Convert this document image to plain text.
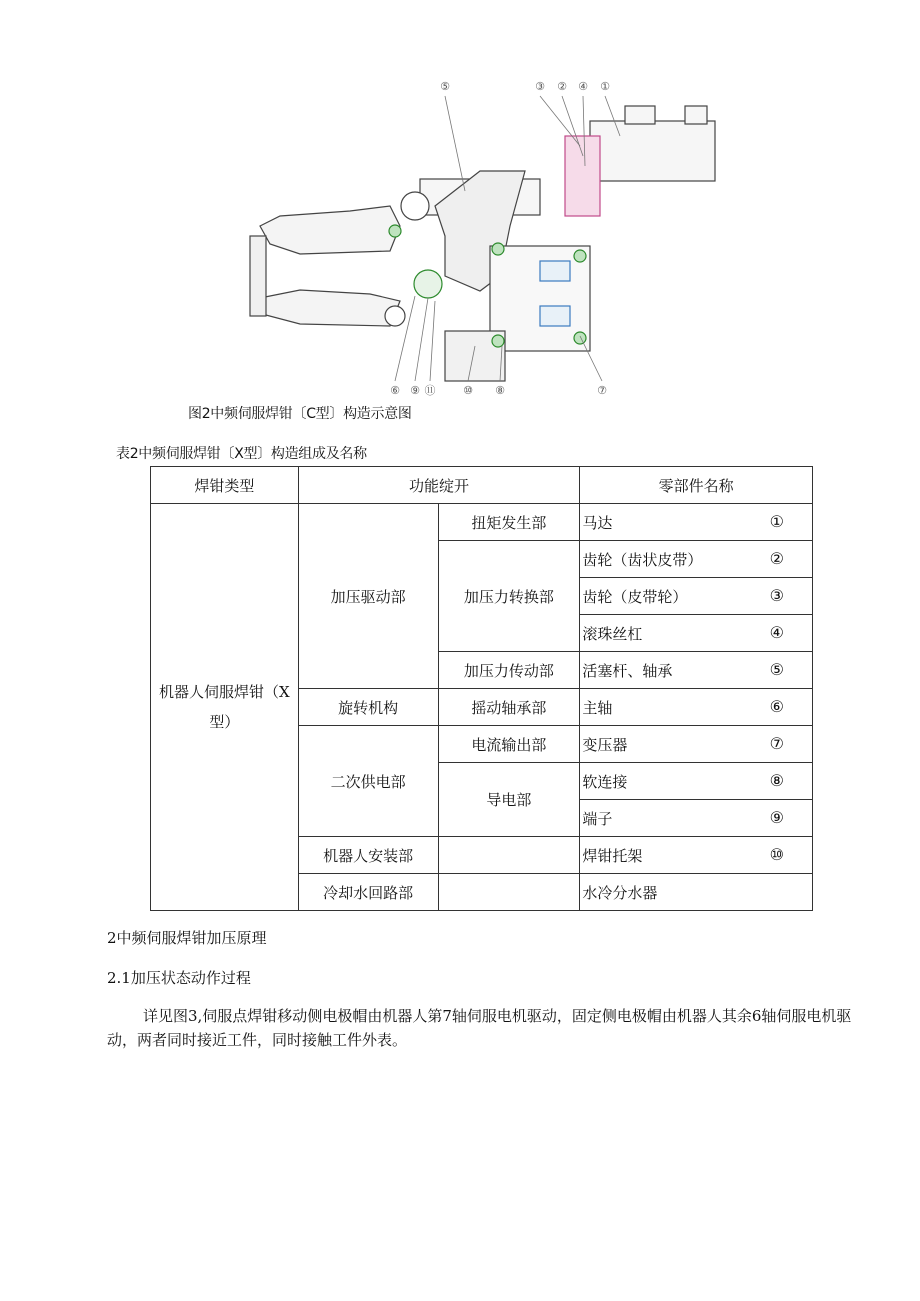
⑤	③ ② ④ ①
⑥ ⑨ ⑪	⑩ ⑧	⑦
图2中频伺服焊钳〔C型〕构造示意图
表2中频伺服焊钳〔X型〕构造组成及名称
焊钳类型	功能绽开		零部件名称
机器人伺服焊钳（X型）	加压驱动部	扭矩发生部	马达 ①

		加压力转换部	齿轮（齿状皮带） ②

			齿轮（皮带轮） ③

			滚珠丝杠 ④

		加压力传动部	活塞杆、轴承 ⑤

	旋转机构	摇动轴承部	主轴 ⑥

	二次供电部	电流输出部	变压器 ⑦

		导电部	软连接 ⑧

			端子 ⑨

	机器人安装部		焊钳托架 ⑩

	冷却水回路部		水冷分水器
2中频伺服焊钳加压原理
2.1加压状态动作过程
详见图3,伺服点焊钳移动侧电极帽由机器人第7轴伺服电机驱动，固定侧电极帽由机器人其余6轴伺服电机驱动，两者同时接近工件，同时接触工件外表。
